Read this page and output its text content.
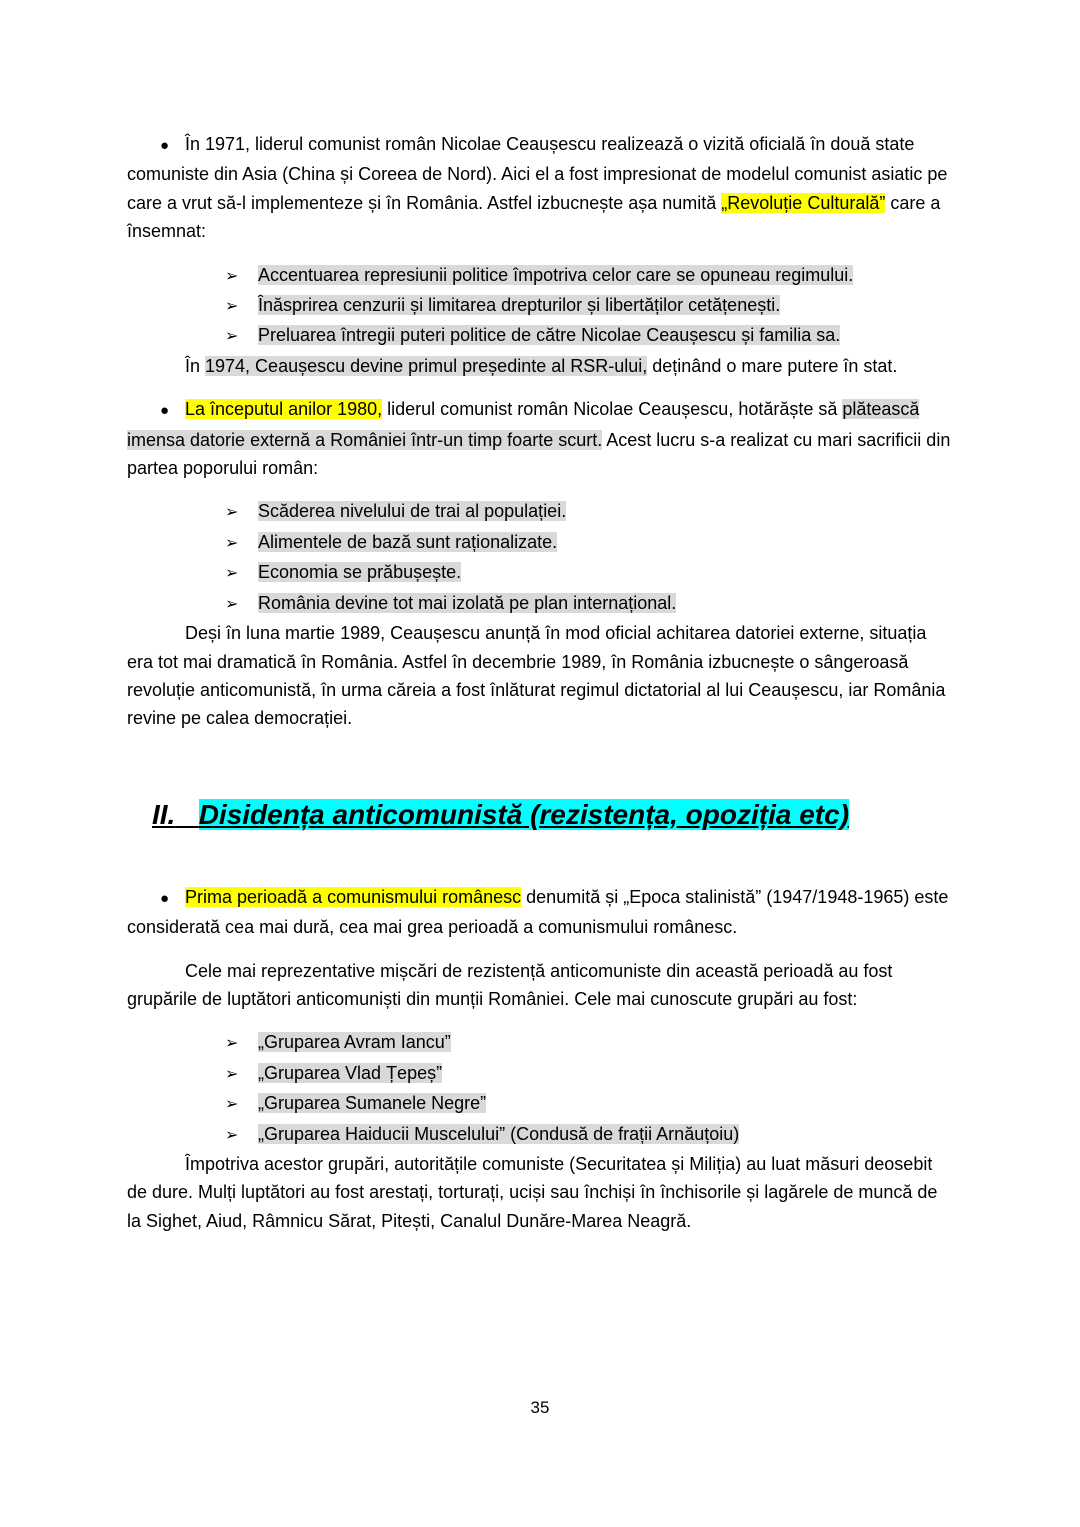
● În 1971, liderul comunist român Nicolae Ceaușescu realizează o vizită oficială în două state comuniste din Asia (China și Coreea de Nord). Aici el a fost impresionat de modelul comunist asiatic pe care a vrut să-l implementeze și în România. Astfel izbucnește așa numită „Revoluție Culturală” care a însemnat:

➢ Accentuarea represiunii politice împotriva celor care se opuneau regimului.
➢ Înăsprirea cenzurii și limitarea drepturilor și libertăților cetățenești.
➢ Preluarea întregii puteri politice de către Nicolae Ceaușescu și familia sa.

În 1974, Ceaușescu devine primul președinte al RSR-ului, deținând o mare putere în stat.

● La începutul anilor 1980, liderul comunist român Nicolae Ceaușescu, hotărăște să plătească imensa datorie externă a României într-un timp foarte scurt. Acest lucru s-a realizat cu mari sacrificii din partea poporului român:

➢ Scăderea nivelului de trai al populației.
➢ Alimentele de bază sunt raționalizate.
➢ Economia se prăbușește.
➢ România devine tot mai izolată pe plan internațional.

Deși în luna martie 1989, Ceaușescu anunță în mod oficial achitarea datoriei externe, situația era tot mai dramatică în România. Astfel în decembrie 1989, în România izbucnește o sângeroasă revoluție anticomunistă, în urma căreia a fost înlăturat regimul dictatorial al lui Ceaușescu, iar România revine pe calea democrației.

II. Disidența anticomunistă (rezistența, opoziția etc)

● Prima perioadă a comunismului românesc denumită și „Epoca stalinistă” (1947/1948-1965) este considerată cea mai dură, cea mai grea perioadă a comunismului românesc.

Cele mai reprezentative mișcări de rezistență anticomuniste din această perioadă au fost grupările de luptători anticomuniști din munții României. Cele mai cunoscute grupări au fost:

➢ „Gruparea Avram Iancu”
➢ „Gruparea Vlad Țepeș”
➢ „Gruparea Sumanele Negre”
➢ „Gruparea Haiducii Muscelului” (Condusă de frații Arnăuțoiu)

Împotriva acestor grupări, autoritățile comuniste (Securitatea și Miliția) au luat măsuri deosebit de dure. Mulți luptători au fost arestați, torturați, uciși sau închiși în închisorile și lagărele de muncă de la Sighet, Aiud, Râmnicu Sărat, Pitești, Canalul Dunăre-Marea Neagră.

35
